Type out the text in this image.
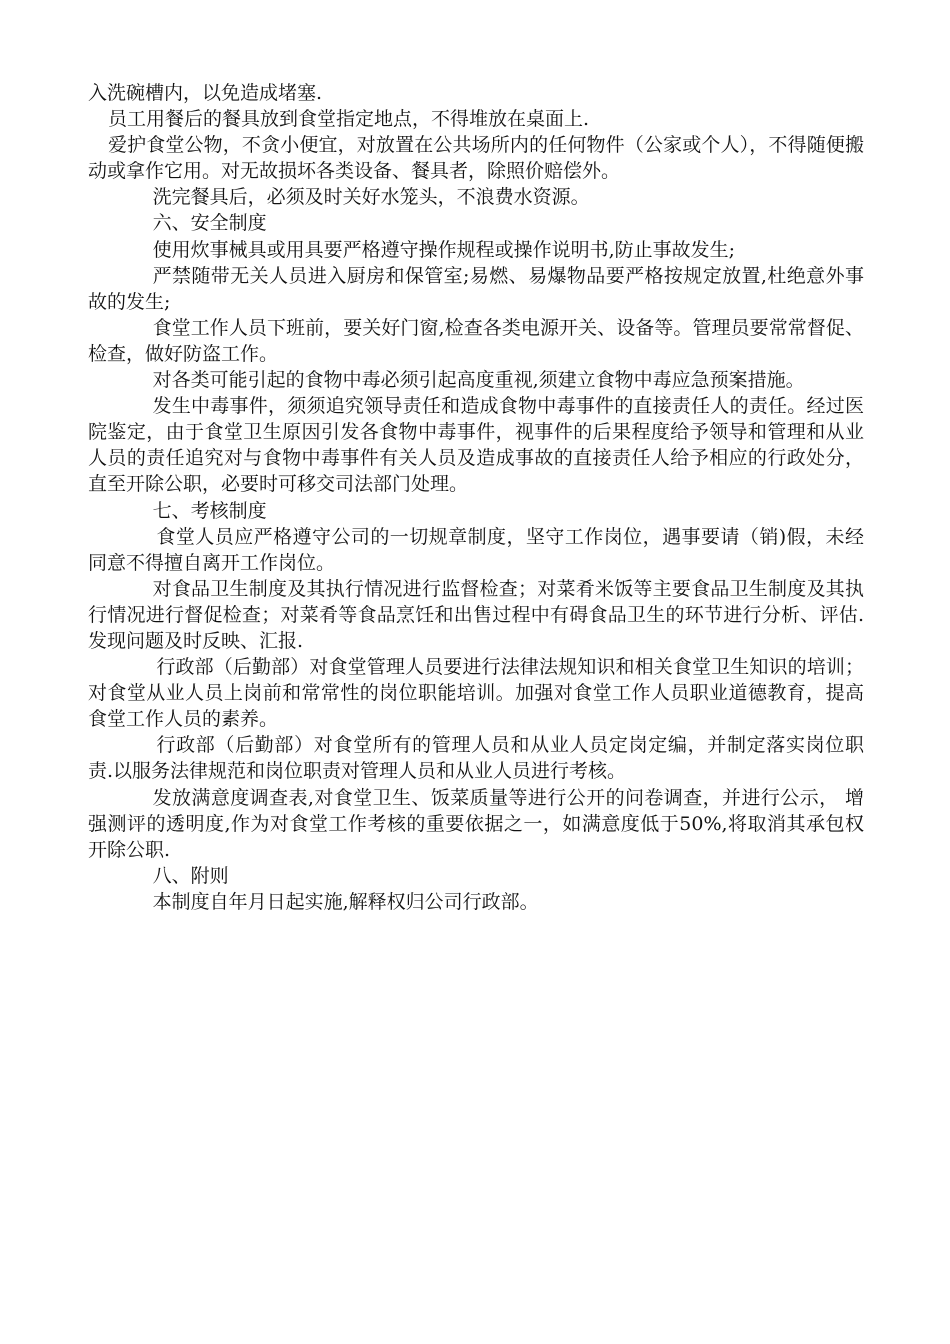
入洗碗槽内，以免造成堵塞.

员工用餐后的餐具放到食堂指定地点，不得堆放在桌面上.

爱护食堂公物，不贪小便宜，对放置在公共场所内的任何物件（公家或个人），不得随便搬动或拿作它用。对无故损坏各类设备、餐具者，除照价赔偿外。

洗完餐具后，必须及时关好水笼头，不浪费水资源。

六、安全制度

使用炊事械具或用具要严格遵守操作规程或操作说明书,防止事故发生;

严禁随带无关人员进入厨房和保管室;易燃、易爆物品要严格按规定放置,杜绝意外事故的发生;

食堂工作人员下班前，要关好门窗,检查各类电源开关、设备等。管理员要常常督促、检查，做好防盗工作。

对各类可能引起的食物中毒必须引起高度重视,须建立食物中毒应急预案措施。

发生中毒事件，须须追究领导责任和造成食物中毒事件的直接责任人的责任。经过医院鉴定，由于食堂卫生原因引发各食物中毒事件，视事件的后果程度给予领导和管理和从业人员的责任追究对与食物中毒事件有关人员及造成事故的直接责任人给予相应的行政处分，直至开除公职，必要时可移交司法部门处理。

七、考核制度

食堂人员应严格遵守公司的一切规章制度，坚守工作岗位，遇事要请（销)假，未经同意不得擅自离开工作岗位。

对食品卫生制度及其执行情况进行监督检查；对菜肴米饭等主要食品卫生制度及其执行情况进行督促检查；对菜肴等食品烹饪和出售过程中有碍食品卫生的环节进行分析、评估.发现问题及时反映、汇报.

行政部（后勤部）对食堂管理人员要进行法律法规知识和相关食堂卫生知识的培训；对食堂从业人员上岗前和常常性的岗位职能培训。加强对食堂工作人员职业道德教育，提高食堂工作人员的素养。

行政部（后勤部）对食堂所有的管理人员和从业人员定岗定编，并制定落实岗位职责.以服务法律规范和岗位职责对管理人员和从业人员进行考核。

发放满意度调查表,对食堂卫生、饭菜质量等进行公开的问卷调查，并进行公示， 增强测评的透明度,作为对食堂工作考核的重要依据之一，如满意度低于50%,将取消其承包权开除公职.

八、附则

本制度自年月日起实施,解释权归公司行政部。
